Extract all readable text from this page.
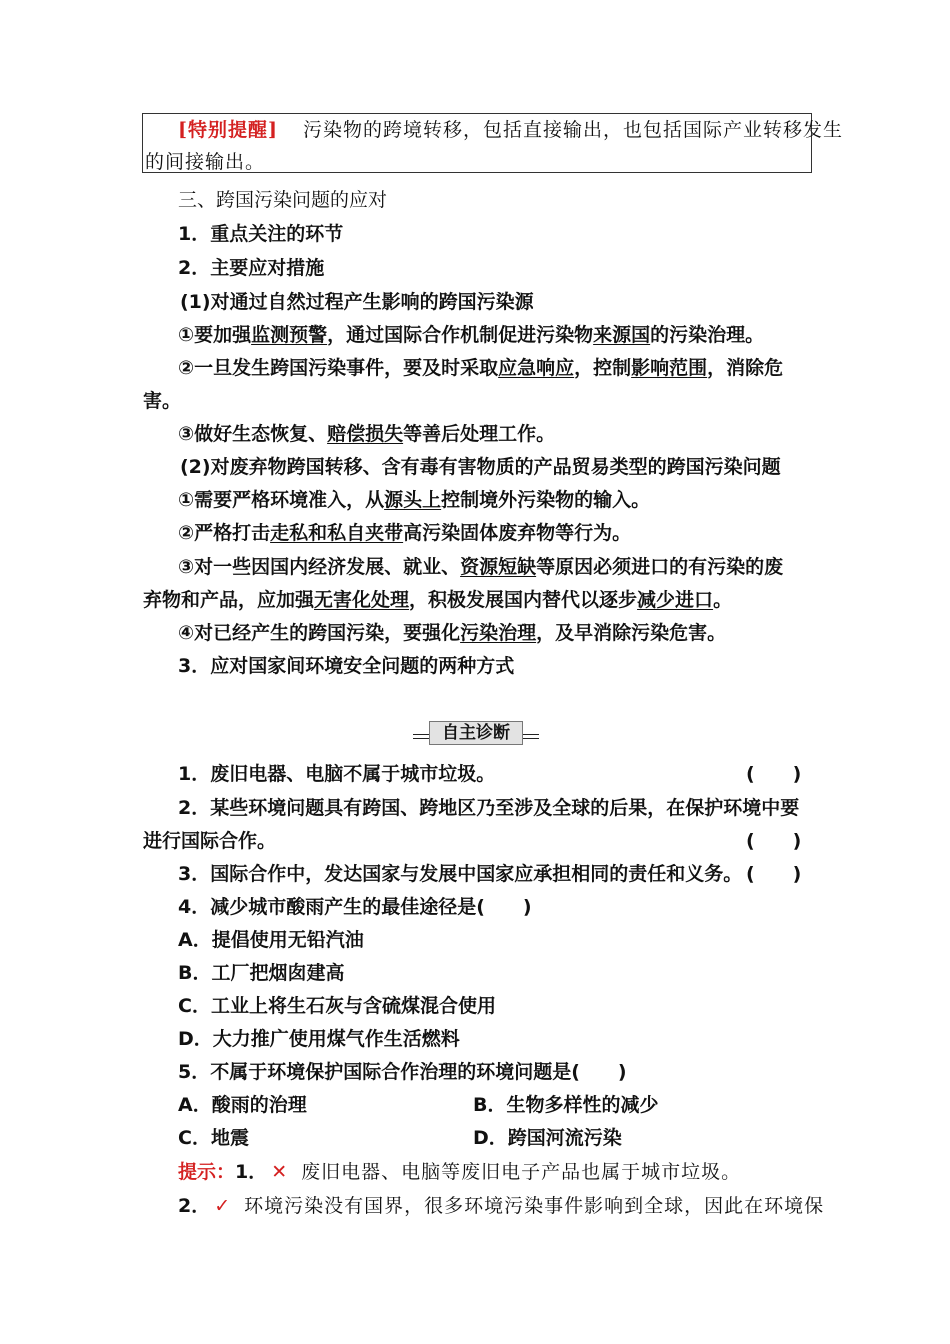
[特别提醒] 污染物的跨境转移，包括直接输出，也包括国际产业转移发生
的间接输出。
三、跨国污染问题的应对
1．重点关注的环节
2．主要应对措施
(1)对通过自然过程产生影响的跨国污染源
①要加强监测预警，通过国际合作机制促进污染物来源国的污染治理。
②一旦发生跨国污染事件，要及时采取应急响应，控制影响范围，消除危
害。
③做好生态恢复、赔偿损失等善后处理工作。
(2)对废弃物跨国转移、含有毒有害物质的产品贸易类型的跨国污染问题
①需要严格环境准入，从源头上控制境外污染物的输入。
②严格打击走私和私自夹带高污染固体废弃物等行为。
③对一些因国内经济发展、就业、资源短缺等原因必须进口的有污染的废
弃物和产品，应加强无害化处理，积极发展国内替代以逐步减少进口。
④对已经产生的跨国污染，要强化污染治理，及早消除污染危害。
3．应对国家间环境安全问题的两种方式
自主诊断
1．废旧电器、电脑不属于城市垃圾。	(　　)
2．某些环境问题具有跨国、跨地区乃至涉及全球的后果，在保护环境中要
进行国际合作。	(　　)
3．国际合作中，发达国家与发展中国家应承担相同的责任和义务。 (　　)
4．减少城市酸雨产生的最佳途径是(　　)
A．提倡使用无铅汽油
B．工厂把烟囱建高
C．工业上将生石灰与含硫煤混合使用
D．大力推广使用煤气作生活燃料
5．不属于环境保护国际合作治理的环境问题是(　　)
A．酸雨的治理	B．生物多样性的减少
C．地震	D．跨国河流污染
提示：1． ✕ 废旧电器、电脑等废旧电子产品也属于城市垃圾。
2． ✓ 环境污染没有国界，很多环境污染事件影响到全球，因此在环境保
